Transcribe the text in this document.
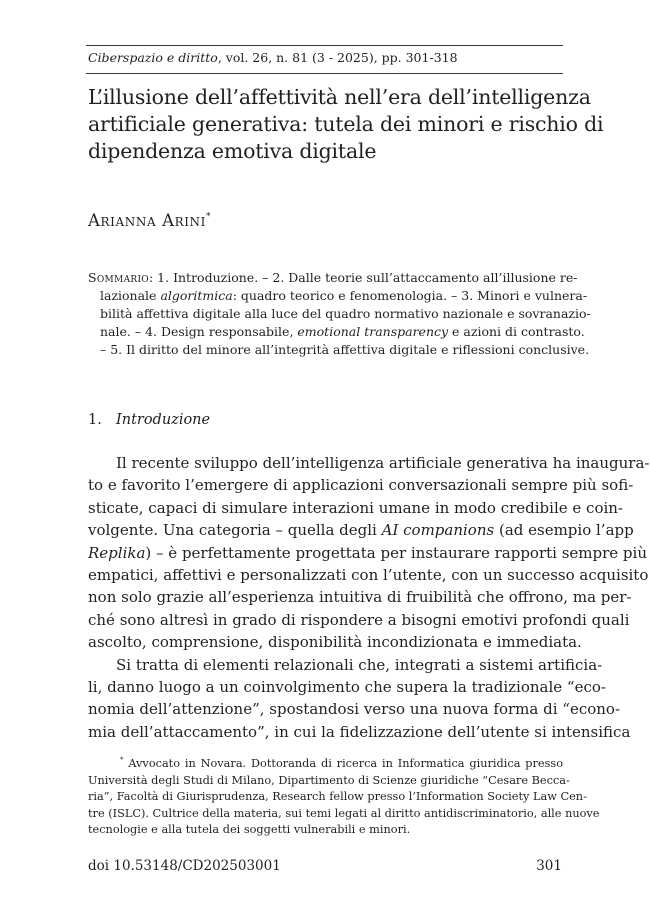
Ciberspazio e diritto, vol. 26, n. 81 (3 - 2025), pp. 301-318
L’illusione dell’affettività nell’era dell’intelligenza
artificiale generativa: tutela dei minori e rischio di
dipendenza emotiva digitale
Arianna Arini*
Sommario: 1. Introduzione. – 2. Dalle teorie sull’attaccamento all’illusione re-
lazionale algoritmica: quadro teorico e fenomenologia. – 3. Minori e vulnera-
bilità affettiva digitale alla luce del quadro normativo nazionale e sovranazio-
nale. – 4. Design responsabile, emotional transparency e azioni di contrasto.
– 5. Il diritto del minore all’integrità affettiva digitale e riflessioni conclusive.
1. Introduzione
Il recente sviluppo dell’intelligenza artificiale generativa ha inaugura-
to e favorito l’emergere di applicazioni conversazionali sempre più sofi-
sticate, capaci di simulare interazioni umane in modo credibile e coin-
volgente. Una categoria – quella degli AI companions (ad esempio l’app
Replika) – è perfettamente progettata per instaurare rapporti sempre più
empatici, affettivi e personalizzati con l’utente, con un successo acquisito
non solo grazie all’esperienza intuitiva di fruibilità che offrono, ma per-
ché sono altresì in grado di rispondere a bisogni emotivi profondi quali
ascolto, comprensione, disponibilità incondizionata e immediata.
Si tratta di elementi relazionali che, integrati a sistemi artificia-
li, danno luogo a un coinvolgimento che supera la tradizionale “eco-
nomia dell’attenzione”, spostandosi verso una nuova forma di “econo-
mia dell’attaccamento”, in cui la fidelizzazione dell’utente si intensifica
* Avvocato in Novara. Dottoranda di ricerca in Informatica giuridica presso
Università degli Studi di Milano, Dipartimento di Scienze giuridiche “Cesare Becca-
ria”, Facoltà di Giurisprudenza, Research fellow presso l’Information Society Law Cen-
tre (ISLC). Cultrice della materia, sui temi legati al diritto antidiscriminatorio, alle nuove
tecnologie e alla tutela dei soggetti vulnerabili e minori.
doi 10.53148/CD202503001	301
